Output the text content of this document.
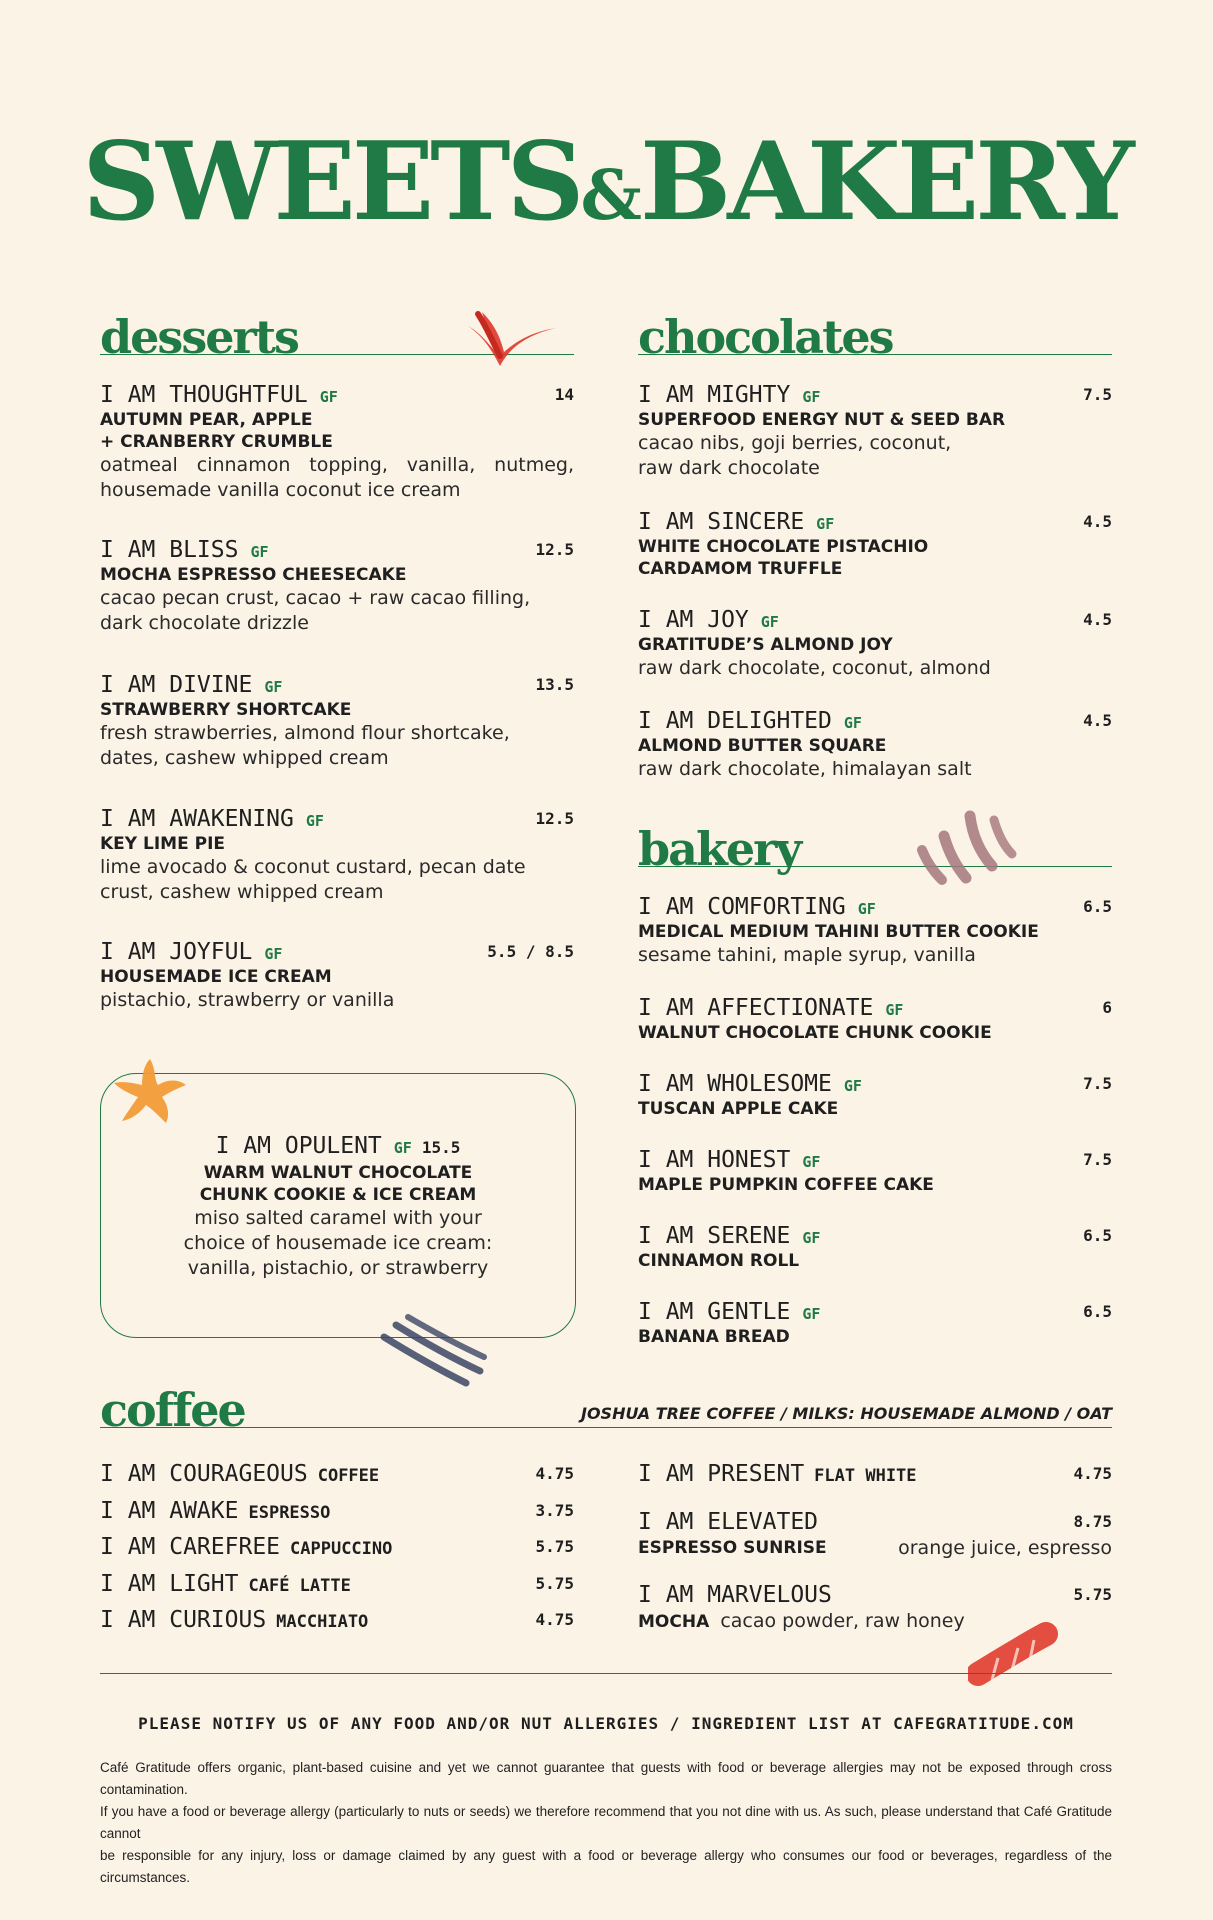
SWEETS&BAKERY
desserts
I AM THOUGHTFUL GF	14
AUTUMN PEAR, APPLE
+ CRANBERRY CRUMBLE
oatmeal cinnamon topping, vanilla, nutmeg,
housemade vanilla coconut ice cream
I AM BLISS GF	12.5
MOCHA ESPRESSO CHEESECAKE
cacao pecan crust, cacao + raw cacao filling,
dark chocolate drizzle
I AM DIVINE GF	13.5
STRAWBERRY SHORTCAKE
fresh strawberries, almond flour shortcake,
dates, cashew whipped cream
I AM AWAKENING GF	12.5
KEY LIME PIE
lime avocado & coconut custard, pecan date
crust, cashew whipped cream
I AM JOYFUL GF	5.5 / 8.5
HOUSEMADE ICE CREAM
pistachio, strawberry or vanilla
I AM OPULENT GF 15.5
WARM WALNUT CHOCOLATE
CHUNK COOKIE & ICE CREAM
miso salted caramel with your
choice of housemade ice cream:
vanilla, pistachio, or strawberry
chocolates
I AM MIGHTY GF	7.5
SUPERFOOD ENERGY NUT & SEED BAR
cacao nibs, goji berries, coconut,
raw dark chocolate
I AM SINCERE GF	4.5
WHITE CHOCOLATE PISTACHIO
CARDAMOM TRUFFLE
I AM JOY GF	4.5
GRATITUDE’S ALMOND JOY
raw dark chocolate, coconut, almond
I AM DELIGHTED GF	4.5
ALMOND BUTTER SQUARE
raw dark chocolate, himalayan salt
bakery
I AM COMFORTING GF	6.5
MEDICAL MEDIUM TAHINI BUTTER COOKIE
sesame tahini, maple syrup, vanilla
I AM AFFECTIONATE GF	6
WALNUT CHOCOLATE CHUNK COOKIE
I AM WHOLESOME GF	7.5
TUSCAN APPLE CAKE
I AM HONEST GF	7.5
MAPLE PUMPKIN COFFEE CAKE
I AM SERENE GF	6.5
CINNAMON ROLL
I AM GENTLE GF	6.5
BANANA BREAD
coffee	JOSHUA TREE COFFEE / MILKS: HOUSEMADE ALMOND / OAT
I AM COURAGEOUS COFFEE	4.75
I AM AWAKE ESPRESSO	3.75
I AM CAREFREE CAPPUCCINO	5.75
I AM LIGHT CAFÉ LATTE	5.75
I AM CURIOUS MACCHIATO	4.75
I AM PRESENT FLAT WHITE	4.75
I AM ELEVATED	8.75
ESPRESSO SUNRISE	orange juice, espresso
I AM MARVELOUS	5.75
MOCHA cacao powder, raw honey
PLEASE NOTIFY US OF ANY FOOD AND/OR NUT ALLERGIES / INGREDIENT LIST AT CAFEGRATITUDE.COM
Café Gratitude offers organic, plant-based cuisine and yet we cannot guarantee that guests with food or beverage allergies may not be exposed through cross contamination.
If you have a food or beverage allergy (particularly to nuts or seeds) we therefore recommend that you not dine with us. As such, please understand that Café Gratitude cannot
be responsible for any injury, loss or damage claimed by any guest with a food or beverage allergy who consumes our food or beverages, regardless of the circumstances.
